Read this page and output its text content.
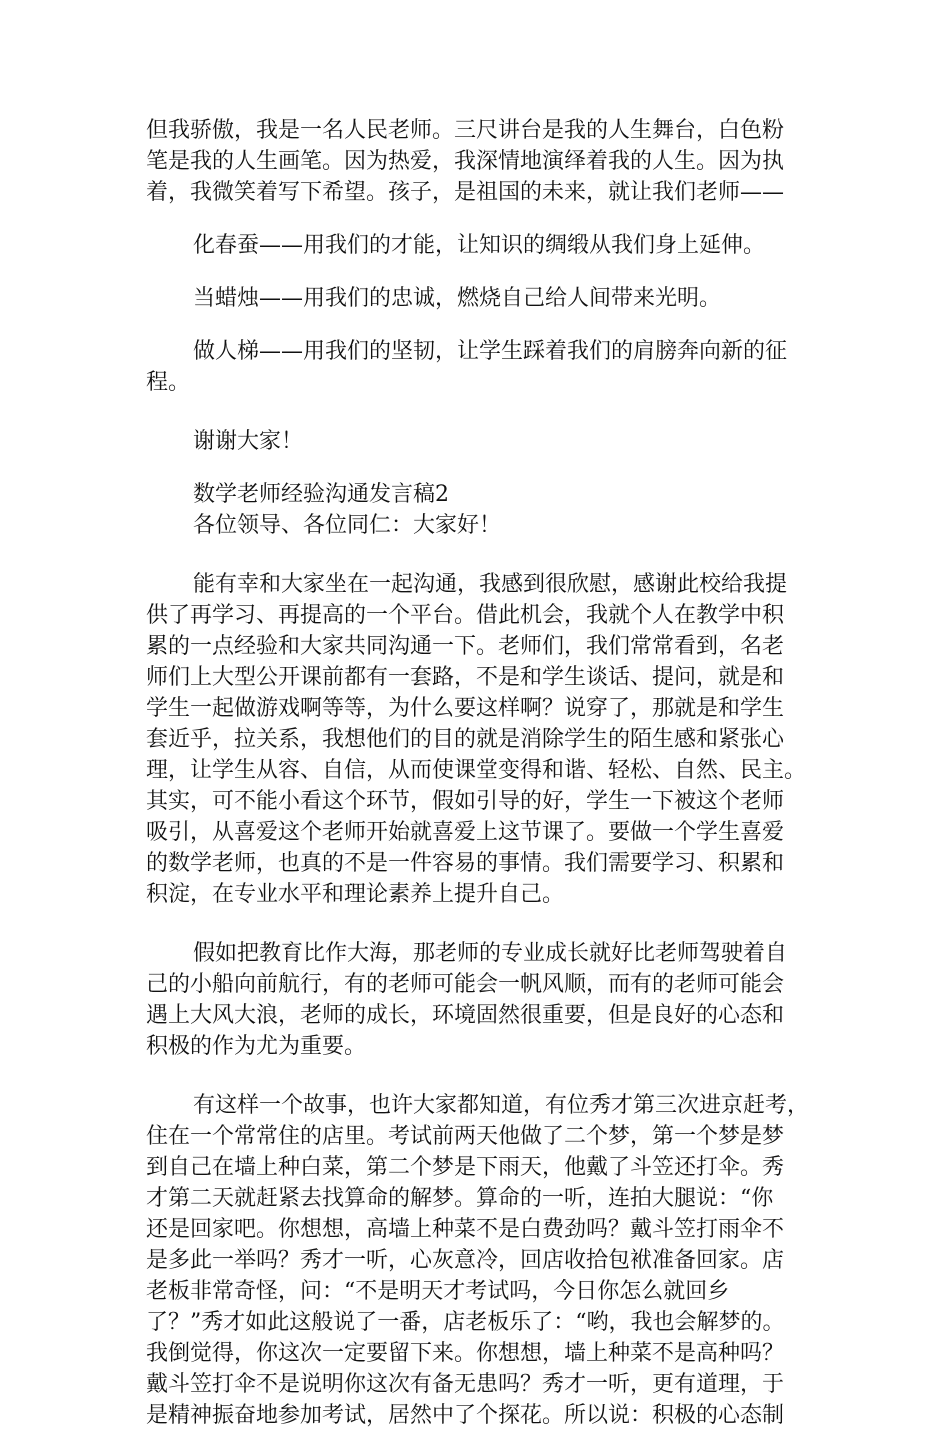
但我骄傲，我是一名人民老师。三尺讲台是我的人生舞台，白色粉
笔是我的人生画笔。因为热爱，我深情地演绎着我的人生。因为执
着，我微笑着写下希望。孩子，是祖国的未来，就让我们老师——
化春蚕——用我们的才能，让知识的绸缎从我们身上延伸。
当蜡烛——用我们的忠诚，燃烧自己给人间带来光明。
做人梯——用我们的坚韧，让学生踩着我们的肩膀奔向新的征
程。
谢谢大家！
数学老师经验沟通发言稿2
各位领导、各位同仁：大家好！
能有幸和大家坐在一起沟通，我感到很欣慰，感谢此校给我提
供了再学习、再提高的一个平台。借此机会，我就个人在教学中积
累的一点经验和大家共同沟通一下。老师们，我们常常看到，名老
师们上大型公开课前都有一套路，不是和学生谈话、提问，就是和
学生一起做游戏啊等等，为什么要这样啊？说穿了，那就是和学生
套近乎，拉关系，我想他们的目的就是消除学生的陌生感和紧张心
理，让学生从容、自信，从而使课堂变得和谐、轻松、自然、民主。
其实，可不能小看这个环节，假如引导的好，学生一下被这个老师
吸引，从喜爱这个老师开始就喜爱上这节课了。要做一个学生喜爱
的数学老师，也真的不是一件容易的事情。我们需要学习、积累和
积淀，在专业水平和理论素养上提升自己。
假如把教育比作大海，那老师的专业成长就好比老师驾驶着自
己的小船向前航行，有的老师可能会一帆风顺，而有的老师可能会
遇上大风大浪，老师的成长，环境固然很重要，但是良好的心态和
积极的作为尤为重要。
有这样一个故事，也许大家都知道，有位秀才第三次进京赶考，
住在一个常常住的店里。考试前两天他做了二个梦，第一个梦是梦
到自己在墙上种白菜，第二个梦是下雨天，他戴了斗笠还打伞。秀
才第二天就赶紧去找算命的解梦。算命的一听，连拍大腿说：“你
还是回家吧。你想想，高墙上种菜不是白费劲吗？戴斗笠打雨伞不
是多此一举吗？秀才一听，心灰意冷，回店收拾包袱准备回家。店
老板非常奇怪，问：“不是明天才考试吗，今日你怎么就回乡
了？”秀才如此这般说了一番，店老板乐了：“哟，我也会解梦的。
我倒觉得，你这次一定要留下来。你想想，墙上种菜不是高种吗？
戴斗笠打伞不是说明你这次有备无患吗？秀才一听，更有道理，于
是精神振奋地参加考试，居然中了个探花。所以说：积极的心态制
